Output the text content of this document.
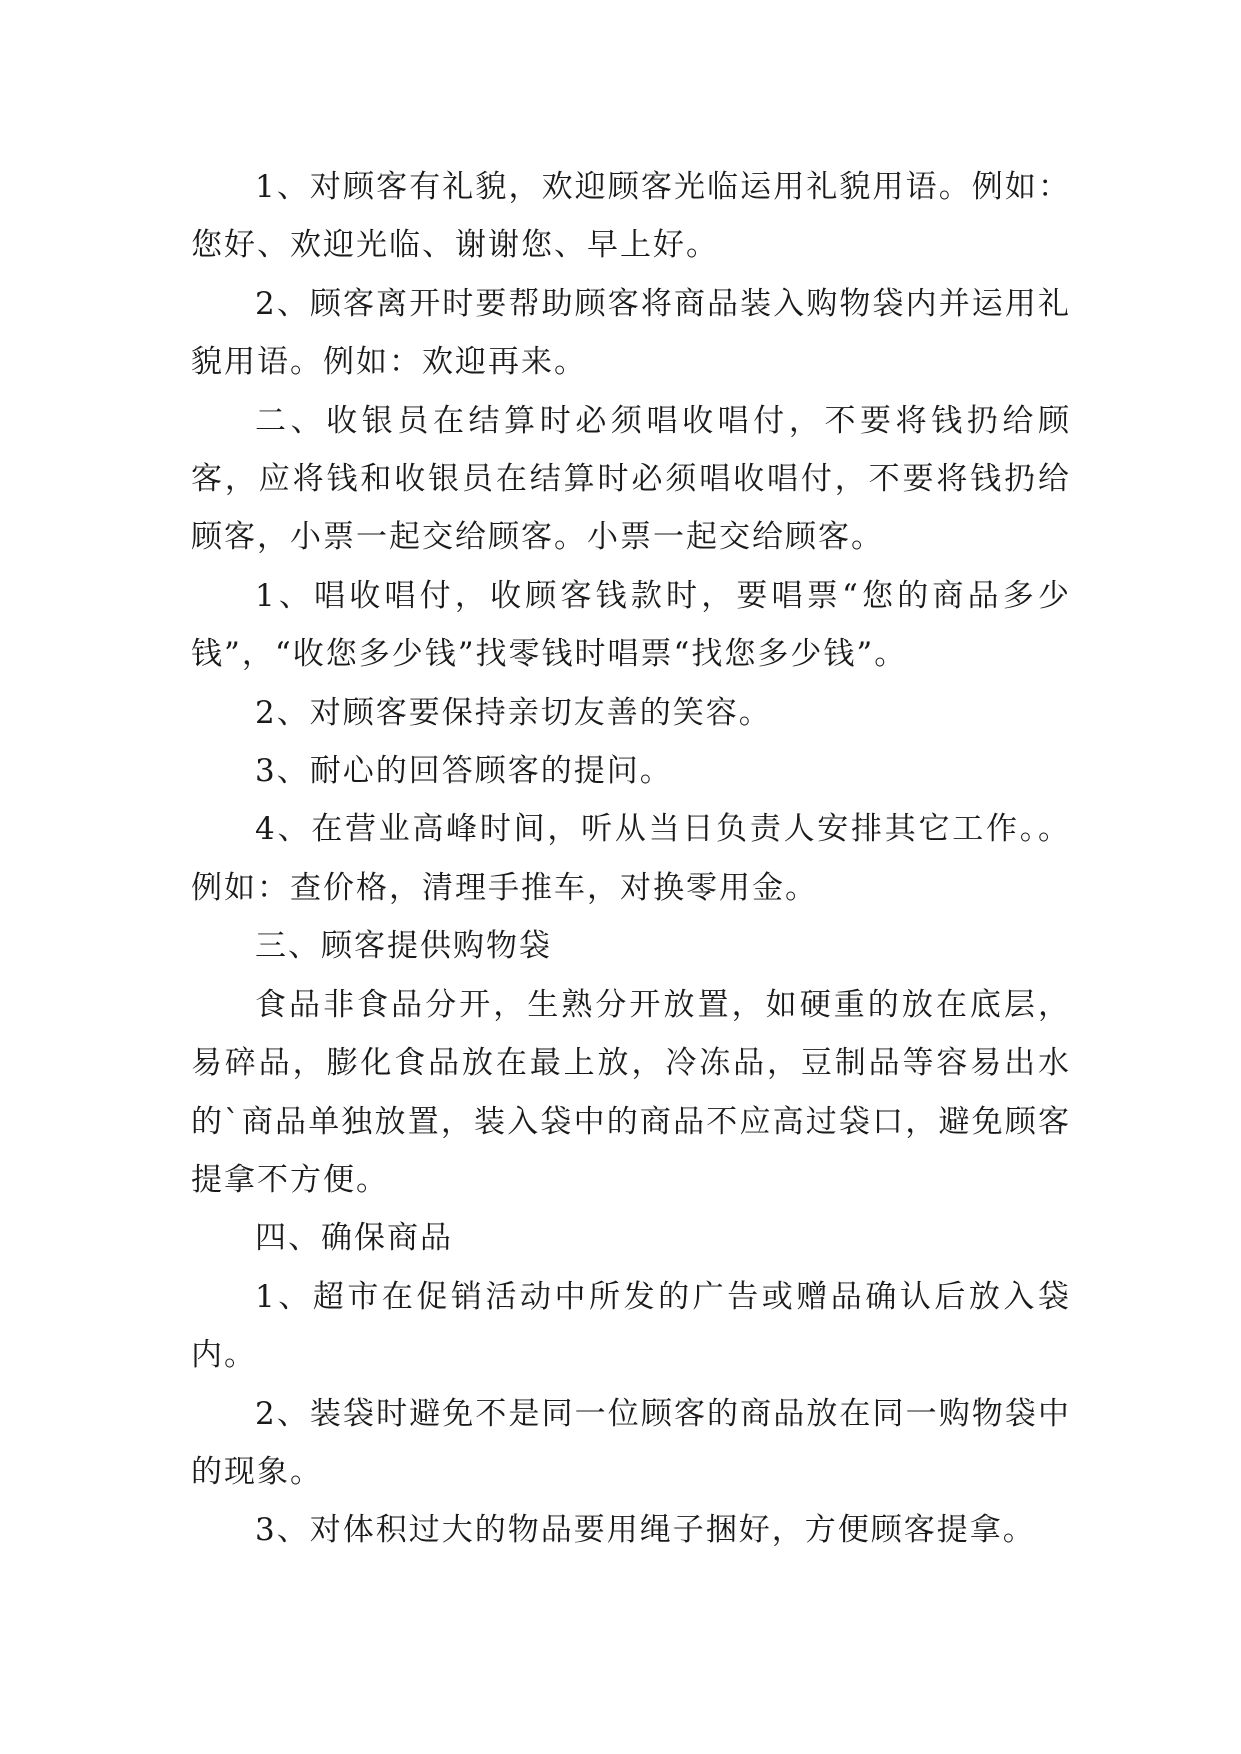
1、对顾客有礼貌，欢迎顾客光临运用礼貌用语。例如：您好、欢迎光临、谢谢您、早上好。

2、顾客离开时要帮助顾客将商品装入购物袋内并运用礼貌用语。例如：欢迎再来。

二、收银员在结算时必须唱收唱付，不要将钱扔给顾客，应将钱和收银员在结算时必须唱收唱付，不要将钱扔给顾客，小票一起交给顾客。小票一起交给顾客。

1、唱收唱付，收顾客钱款时，要唱票“您的商品多少钱”，“收您多少钱”找零钱时唱票“找您多少钱”。

2、对顾客要保持亲切友善的笑容。

3、耐心的回答顾客的提问。

4、在营业高峰时间，听从当日负责人安排其它工作。。例如：查价格，清理手推车，对换零用金。

三、顾客提供购物袋

食品非食品分开，生熟分开放置，如硬重的放在底层，易碎品，膨化食品放在最上放，冷冻品，豆制品等容易出水的`商品单独放置，装入袋中的商品不应高过袋口，避免顾客提拿不方便。

四、确保商品

1、超市在促销活动中所发的广告或赠品确认后放入袋内。

2、装袋时避免不是同一位顾客的商品放在同一购物袋中的现象。

3、对体积过大的物品要用绳子捆好，方便顾客提拿。
